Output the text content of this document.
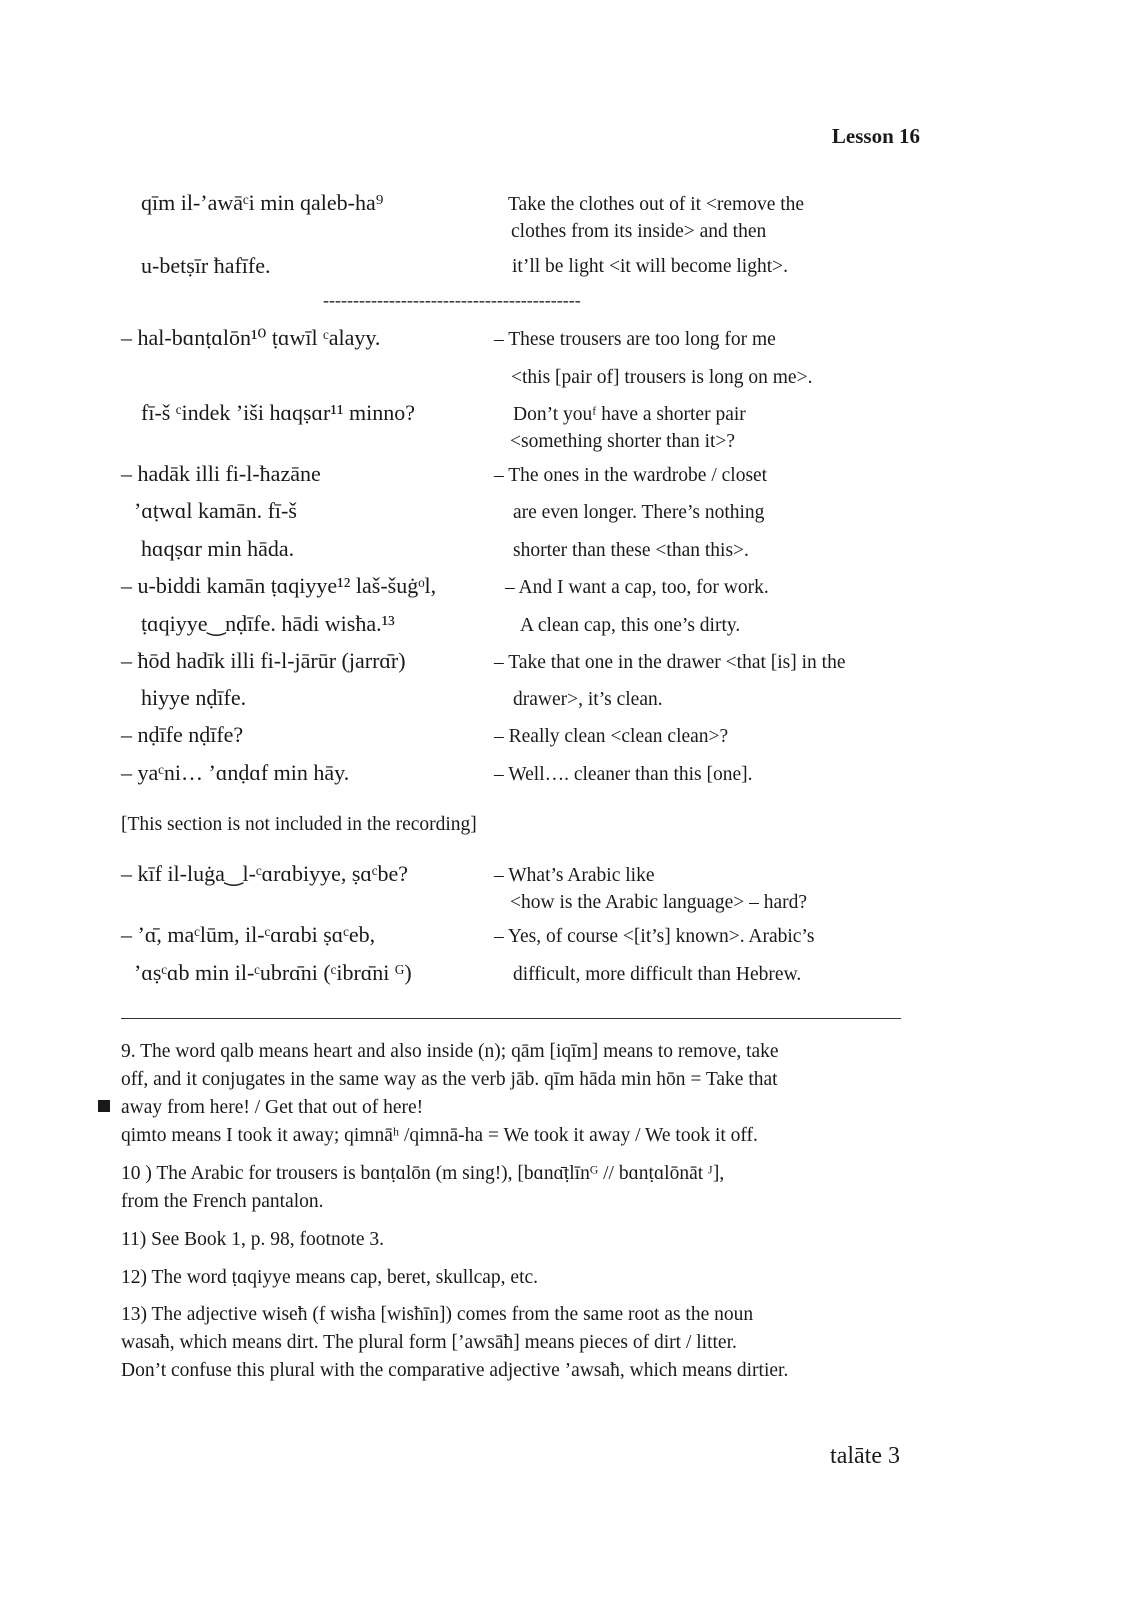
Lesson 16
qīm il-’awāᶜi min qaleb-ha⁹	Take the clothes out of it <remove the
clothes from its inside> and then
u-betṣīr ħafīfe.	it’ll be light <it will become light>.
-------------------------------------------
– hal-bɑnṭɑlōn¹⁰ ṭɑwīl ᶜalayy.	– These trousers are too long for me
<this [pair of] trousers is long on me>.
fī-š ᶜindek ’iši hɑqṣɑr¹¹ minno?	Don’t youᶠ have a shorter pair
<something shorter than it>?
– hadāk illi fi-l-ħazāne	– The ones in the wardrobe / closet
’ɑṭwɑl kamān. fī-š	are even longer. There’s nothing
hɑqṣɑr min hāda.	shorter than these <than this>.
– u-biddi kamān ṭɑqiyye¹² laš-šuġᵒl,	– And I want a cap, too, for work.
ṭɑqiyye‿nḍīfe. hādi wisħa.¹³	A clean cap, this one’s dirty.
– ħōd hadīk illi fi-l-jārūr (jarrɑ̄r)	– Take that one in the drawer <that [is] in the
hiyye nḍīfe.	drawer>, it’s clean.
– nḍīfe nḍīfe?	– Really clean <clean clean>?
– yaᶜni… ’ɑnḍɑf min hāy.	– Well…. cleaner than this [one].
[This section is not included in the recording]
– kīf il-luġa‿l-ᶜɑrɑbiyye, ṣɑᶜbe?	– What’s Arabic like
<how is the Arabic language> – hard?
– ’ɑ̄, maᶜlūm, il-ᶜɑrɑbi ṣɑᶜeb,	– Yes, of course <[it’s] known>. Arabic’s
’ɑṣᶜɑb min il-ᶜubrɑ̄ni (ᶜibrɑ̄ni ᴳ)	difficult, more difficult than Hebrew.
9. The word qalb means heart and also inside (n); qām [iqīm] means to remove, take
off, and it conjugates in the same way as the verb jāb. qīm hāda min hōn = Take that
away from here! / Get that out of here!
qimto means I took it away; qimnāʰ /qimnā-ha = We took it away / We took it off.
10 ) The Arabic for trousers is bɑnṭɑlōn (m sing!), [bɑnɑ̄ṭlīnᴳ // bɑnṭɑlōnāt ᴶ],
from the French pantalon.
11) See Book 1, p. 98, footnote 3.
12) The word ṭɑqiyye means cap, beret, skullcap, etc.
13) The adjective wiseħ (f wisħa [wisħīn]) comes from the same root as the noun
wasaħ, which means dirt. The plural form [’awsāħ] means pieces of dirt / litter.
Don’t confuse this plural with the comparative adjective ’awsaħ, which means dirtier.
talāte 3
